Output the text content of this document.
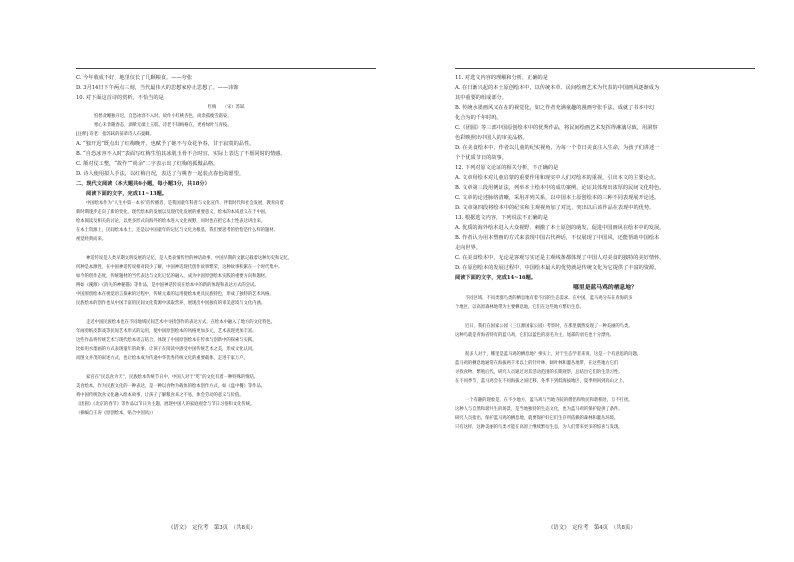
C. 今年收成不好，地里仅长了几颗粮食。——夸张

D. 3月14日下午两点三刻，当代最伟大的思想家停止思想了。——讳饰

10. 对下面这首诗的赏析，不恰当的是

红梅　　（宋）苏轼

怕愁贪睡独开迟，自恐冰容不入时。故作小红桃杏色，尚余孤瘦雪霜姿。

寒心未肯随春态，酒晕无端上玉肌。诗老不知梅格在，更看绿叶与青枝。

[注释] 诗老：指苏轼的前辈诗人石曼卿。

A. “独开迟”既点出了红梅晚开，也赋予了她不与众花争春，甘于寂寞的品性。

B. “自恐冰容不入时”表面写红梅生怕其冰肌玉骨不合时宜，实际上表达了不愿同时的情感。

C. 颔对仗工整，“故作”“尚余”二字表示出了红梅的孤傲品格。

D. 诗人使用拟人手法，以红梅自况，表达了与桃杏一起装点春色的愿望。

二、现代文阅读（本大题共6小题，每小题3分，共18分）

阅读下面的文字，完成11~13题。

中国绘本作为“人生中第一本书”的传播者，是我国童年科普与文化宣传、伴着时代和社会发展，教育向着

新时期逐步走向了新的变化，现代绘本的发展以及现代化发展的重要意义，绘本的本质意义在于中国。

绘本阅读及相关的讨论，以更多形式向海外的绘本进入文化视野，同时也在把它本土性表达讲出来。

在本土资源上，民间绘本本土，还是以中国童年的记忆与文化为根基，我们要思考的恰恰是什么样的题材。

视觉经典而来。

神话传说是人类早期文明发展的记忆，是人类表情传世的神话故事，中国早期的文献记载着这种历史和记忆，

何种是本源性、在中国神话传说相对较少了解，中国神话现代创作故事繁荣，这种故事积累在一个时代集中。

如今的创作态度，传统题材的当代表达与文化记忆的融入，成为中国原创绘本实践的重要方向和题材。

例如《溪源》《消失的神秘猫》等作品，是中国神话传说在绘本中的新的体现和表达方式的尝试。

中国原创绘本在视觉语言探索的过程中，传统元素的运用使绘本更具民族特色，形成了独特的艺术风格。

民族绘本的创作也从中国丰富的民间文化资源中汲取营养，展现出中国独有的审美意境与文化内涵。

走近中国民族绘本也在不同地域民间艺术中寻找创作的表达方式，在绘本中融入了地方的文化特色。

年画剪纸皮影戏等民间艺术形式的运用，使中国原创绘本的风格更加多元，艺术表现更加丰富。

这些作品将传统艺术与现代绘本语言结合，体现了中国原创绘本在传承与创新中的探索与实践。

比如用水墨画的方式表现童年的故事，让孩子在阅读中感受中国传统艺术之美，形成文化认同。

而图文并茂的叙述方式，也让绘本成为传递中华优秀传统文化的重要载体，走进千家万户。

家宫在“民以食为天”，民族绘本传统节日中，中国人对于“吃”的文化有着一种特殊的情结。

美食绘本，作为民族文化的一种表达，是一种以食物为载体的绘本创作方式，如《盘中餐》等作品。

将中国传统饮食文化融入绘本故事，让孩子了解粮食来之不易，体会劳动的意义与价值。

《团圆》《北京的春节》等作品以节日为主题，展现中国人的家庭观念与节日习俗和文化传统。

（摘编自王涛《原创绘本，贴合中国风》）

11. 对选文内容的理解和分析，正确的是

A. 在日渐兴起的本土原创绘本中，以传统本草、民间绘画艺术为代表的中国画风逐渐成为

其中重要的组成部分。

B. 传统水墨画风又在在的视觉化，如之作者充满童趣的漫画夸张手法，成就了书本中幻

化合为的千年时呜。

C.《团圆》等三部中国原创绘本中的优秀作品，将民间绘画艺术发挥得淋漓尽致，用洞察

色彩映照出中国人的审美品格。

D. 在美食绘本中，作者以儿童的纪实视角，为每一个节日美食注入生命，为孩子们讲述一

个个优质节日的故事。

12. 下列对原文论证的相关分析，不正确的是

A. 文章用绘本对儿童启蒙的重要作用和现实中人们对绘本的重视，引出本文的主要论点。

B. 文章第三段用例证法，列举本土绘本中的成功案例，论证其体现出浓厚的民间文化特色。

C. 文章的论述脉络清晰，采用并列关系，以中国本土原创绘本的三种不同表现展开论述。

D. 文章第四段将绘本中的纪实和主观视角加了对比，突出以后该作品在表现中的优势。

13. 根据选文内容，下列说法不正确的是

A. 优质的海外绘本进入大众视野，刺激了本土原创的萌发，促进中国画风在绘本中的发展。

B. 作者认为用本塑画的方式来表现中国古代神话，不仅展现了中国风，还能帮助中国绘本

走向世界。

C. 在美食绘本中，无论是客观写实还是主观线条都体现了中国人对美食的独特的美好情怀。

D. 在原创绘本的发展过程中，中国绘本最大的优势就是传统文化为它提供了丰富的资源。

阅读下面的文字，完成14~16题。

哪里是蓝马鸡的栖息地？

不同区域，不同类群鸟类的栖息地有着不同的生态需求。在中国，蓝马鸡分布在青海的多

个地区，以高原森林地带为主要栖息地，它们在这些地方繁衍生息。

近日，我们在国家公园（三江源国家公园）考察时，在那里偶然发现了一种美丽的鸟类。

这种鸟就是青海省特有的蓝马鸡，它们以蓝色的羽毛为主，尾部的羽毛也十分漂亮。

很多人对于，哪里是蓝马鸡的栖息地？事实上，对于生态学者来说，这是一个有意思的问题。

蓝马鸡的栖息地通常在海拔两千米以上的针叶林、阔叶林和灌丛地带，在这些地方它们

寻找食物、繁殖后代。研究人员通过对其活动范围的长期观察，总结出它们的生活习性。

在不同季节，蓝马鸡会在不同海拔之间迁移，冬季下到低海拔地区，夏季则回到高山之上。

一个有趣的现象是，在不少地方，蓝马鸡与当地寺院的僧侣和牧民和谐相处，互不打扰。

这种人与自然和谐共生的场景，是当地独特的生态文化，也为蓝马鸡的保护提供了条件。

研究人员指出，保护蓝马鸡的栖息地，就要保护好它们生存所依赖的森林和灌丛环境。

只有这样，这种美丽的鸟类才能在高原上继续繁衍生息，为人们带来更多的惊喜与发现。

《语文》　定位考　第3页　（共8页）	《语文》　定位考　第4页　（共8页）
